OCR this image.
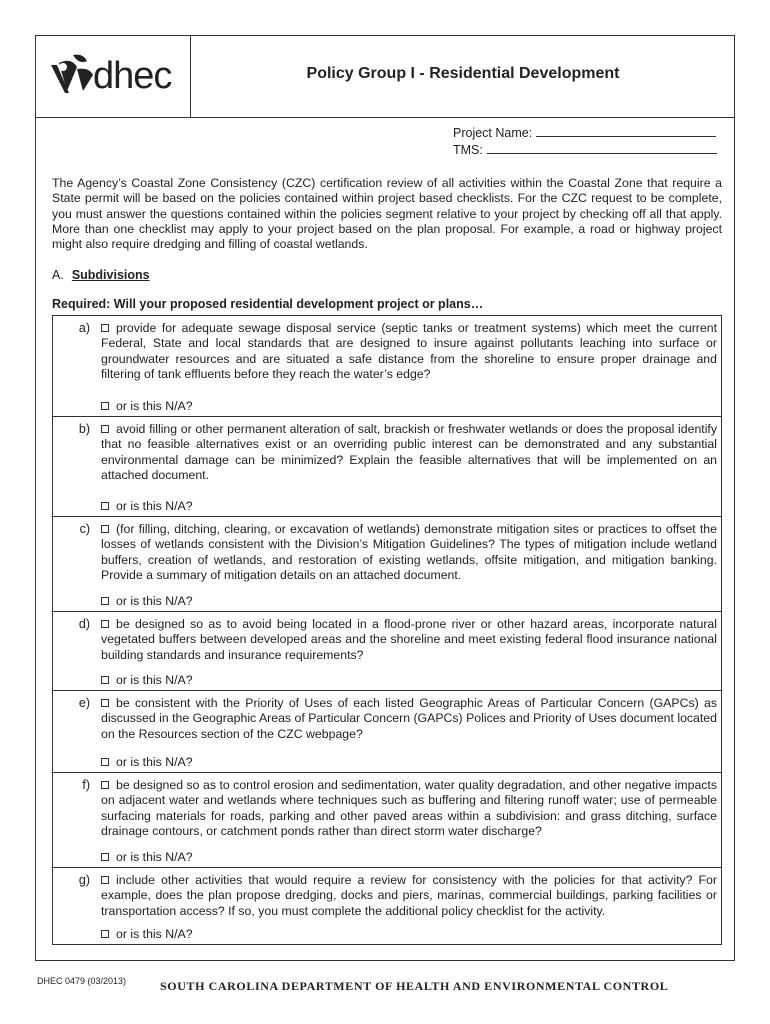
dhec	Policy Group I - Residential Development
Project Name:
TMS:
The Agency’s Coastal Zone Consistency (CZC) certification review of all activities within the Coastal Zone that require a State permit will be based on the policies contained within project based checklists. For the CZC request to be complete, you must answer the questions contained within the policies segment relative to your project by checking off all that apply. More than one checklist may apply to your project based on the plan proposal. For example, a road or highway project might also require dredging and filling of coastal wetlands.
A. Subdivisions
Required: Will your proposed residential development project or plans…
a)	provide for adequate sewage disposal service (septic tanks or treatment systems) which meet the current Federal, State and local standards that are designed to insure against pollutants leaching into surface or groundwater resources and are situated a safe distance from the shoreline to ensure proper drainage and filtering of tank effluents before they reach the water’s edge?
or is this N/A?
b)	avoid filling or other permanent alteration of salt, brackish or freshwater wetlands or does the proposal identify that no feasible alternatives exist or an overriding public interest can be demonstrated and any substantial environmental damage can be minimized? Explain the feasible alternatives that will be implemented on an attached document.
or is this N/A?
c)	(for filling, ditching, clearing, or excavation of wetlands) demonstrate mitigation sites or practices to offset the losses of wetlands consistent with the Division’s Mitigation Guidelines? The types of mitigation include wetland buffers, creation of wetlands, and restoration of existing wetlands, offsite mitigation, and mitigation banking. Provide a summary of mitigation details on an attached document.
or is this N/A?
d)	be designed so as to avoid being located in a flood-prone river or other hazard areas, incorporate natural vegetated buffers between developed areas and the shoreline and meet existing federal flood insurance national building standards and insurance requirements?
or is this N/A?
e)	be consistent with the Priority of Uses of each listed Geographic Areas of Particular Concern (GAPCs) as discussed in the Geographic Areas of Particular Concern (GAPCs) Polices and Priority of Uses document located on the Resources section of the CZC webpage?
or is this N/A?
f)	be designed so as to control erosion and sedimentation, water quality degradation, and other negative impacts on adjacent water and wetlands where techniques such as buffering and filtering runoff water; use of permeable surfacing materials for roads, parking and other paved areas within a subdivision: and grass ditching, surface drainage contours, or catchment ponds rather than direct storm water discharge?
or is this N/A?
g)	include other activities that would require a review for consistency with the policies for that activity? For example, does the plan propose dredging, docks and piers, marinas, commercial buildings, parking facilities or transportation access? If so, you must complete the additional policy checklist for the activity.
or is this N/A?
DHEC 0479 (03/2013)	SOUTH CAROLINA DEPARTMENT OF HEALTH AND ENVIRONMENTAL CONTROL
